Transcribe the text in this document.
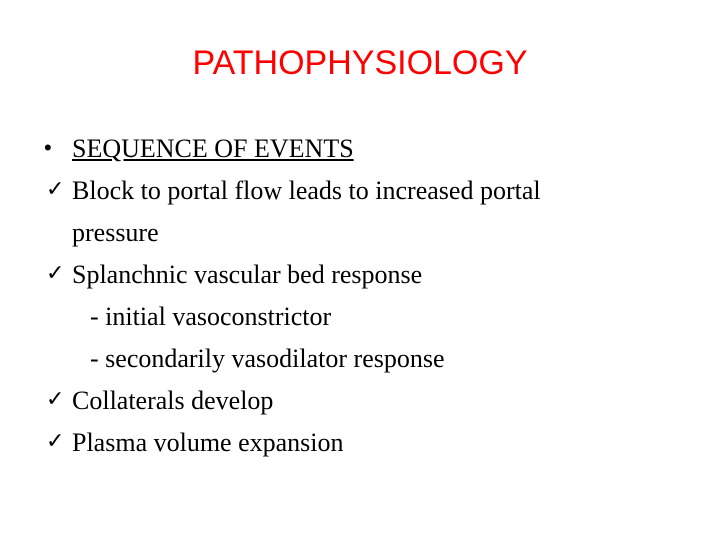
PATHOPHYSIOLOGY
• SEQUENCE OF EVENTS
✓ Block to portal flow leads to increased portal
pressure
✓ Splanchnic vascular bed response
- initial vasoconstrictor
- secondarily vasodilator response
✓ Collaterals develop
✓ Plasma volume expansion
